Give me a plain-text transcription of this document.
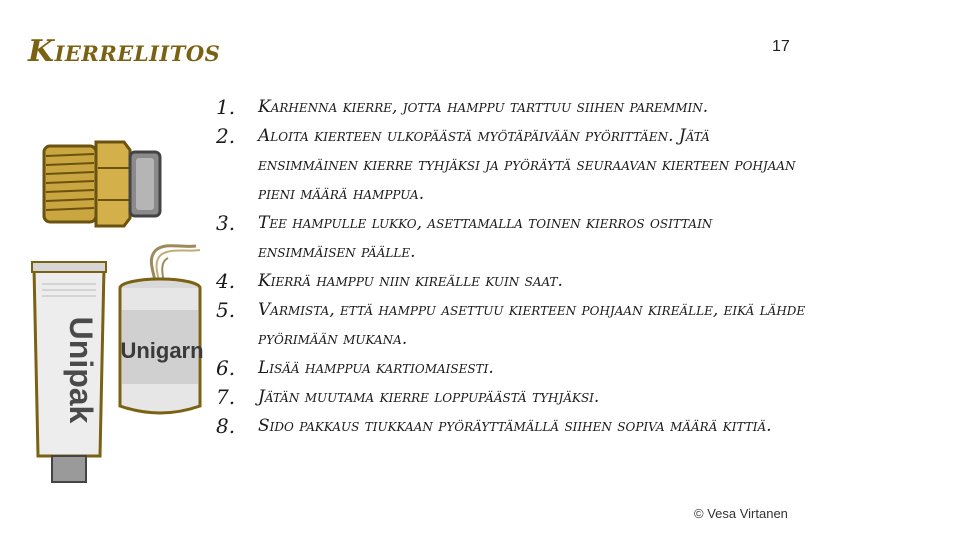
Kierreliitos	17
Unipak Unigarn
1. Karhenna kierre, jotta hamppu tarttuu siihen paremmin.
2. Aloita kierteen ulkopäästä myötäpäivään pyörittäen. Jätä ensimmäinen kierre tyhjäksi ja pyöräytä seuraavan kierteen pohjaan pieni määrä hamppua.
3. Tee hampulle lukko, asettamalla toinen kierros osittain ensimmäisen päälle.
4. Kierrä hamppu niin kireälle kuin saat.
5. Varmista, että hamppu asettuu kierteen pohjaan kireälle, eikä lähde pyörimään mukana.
6. Lisää hamppua kartiomaisesti.
7. Jätän muutama kierre loppupäästä tyhjäksi.
8. Sido pakkaus tiukkaan pyöräyttämällä siihen sopiva määrä kittiä.
© Vesa Virtanen
